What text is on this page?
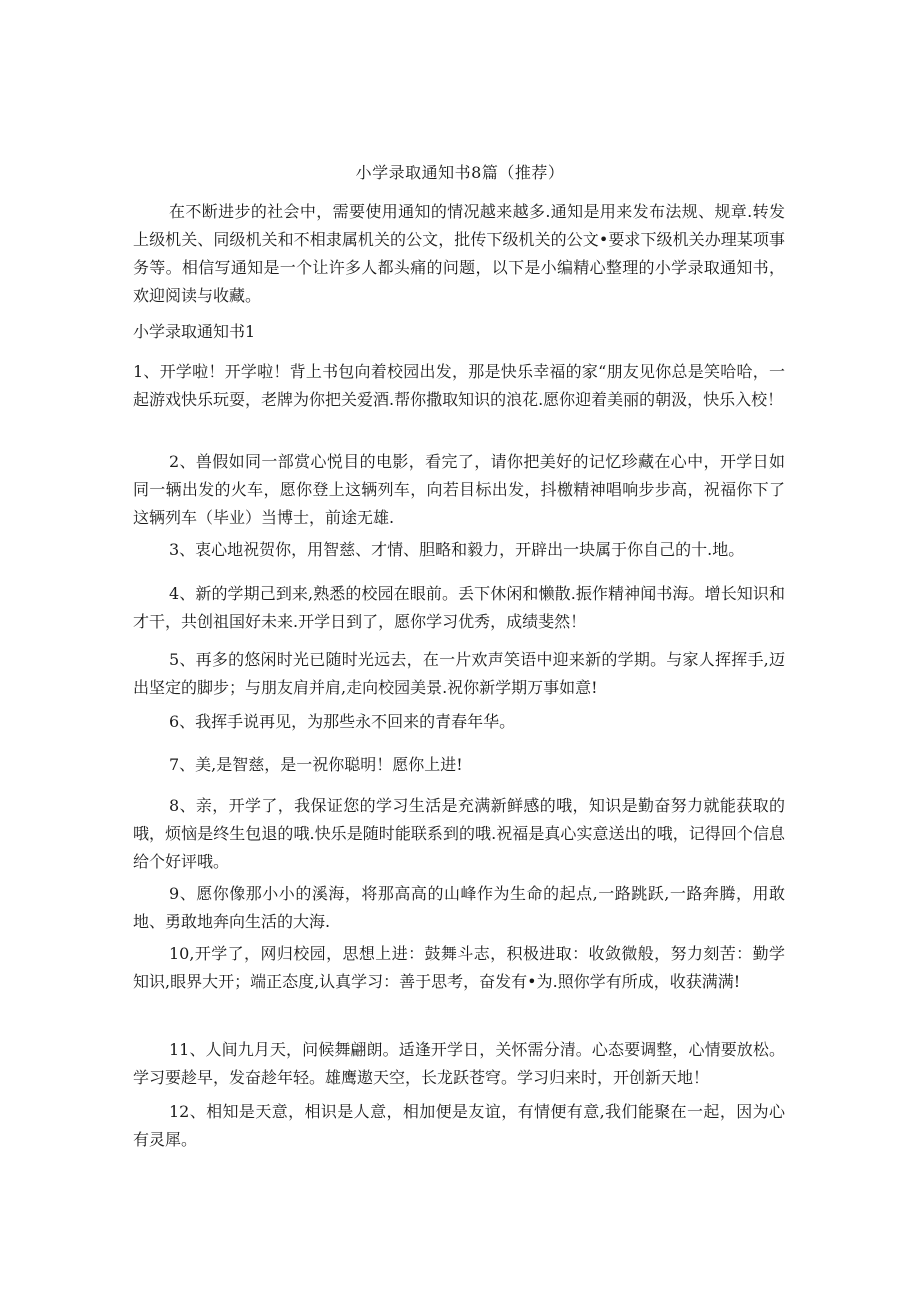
小学录取通知书8篇（推荐）

在不断进步的社会中，需要使用通知的情况越来越多.通知是用来发布法规、规章.转发上级机关、同级机关和不相隶属机关的公文，批传下级机关的公文•要求下级机关办理某项事务等。相信写通知是一个让许多人都头痛的问题，以下是小编精心整理的小学录取通知书，欢迎阅读与收藏。

小学录取通知书1

1、开学啦！开学啦！背上书包向着校园出发，那是快乐幸福的家“朋友见你总是笑哈哈，一起游戏快乐玩耍，老牌为你把关爱酒.帮你撒取知识的浪花.愿你迎着美丽的朝汲，快乐入校！

2、兽假如同一部赏心悦目的电影，看完了，请你把美好的记忆珍藏在心中，开学日如同一辆出发的火车，愿你登上这辆列车，向若目标出发，抖檄精神唱响步步高，祝福你下了这辆列车（毕业）当博士，前途无雄.

3、衷心地祝贺你，用智慈、才情、胆略和毅力，开辟出一块属于你自己的十.地。

4、新的学期己到来,熟悉的校园在眼前。丢下休闲和懒散.振作精神闻书海。增长知识和才干，共创祖国好未来.开学日到了，愿你学习优秀，成绩斐然！

5、再多的悠闲时光已随时光远去，在一片欢声笑语中迎来新的学期。与家人挥挥手,迈出坚定的脚步；与朋友肩并肩,走向校园美景.祝你新学期万事如意!

6、我挥手说再见，为那些永不回来的青春年华。

7、美,是智慈，是一祝你聪明！愿你上进!

8、亲，开学了，我保证您的学习生活是充满新鲜感的哦，知识是勤奋努力就能获取的哦，烦恼是终生包退的哦.快乐是随时能联系到的哦.祝福是真心实意送出的哦，记得回个信息给个好评哦。

9、愿你像那小小的溪海，将那高高的山峰作为生命的起点,一路跳跃,一路奔腾，用敢地、勇敢地奔向生活的大海.

10,开学了，网归校园，思想上进：鼓舞斗志，积极进取：收敛微般，努力刻苦：勤学知识,眼界大开；端正态度,认真学习：善于思考，奋发有•为.照你学有所成，收获满满!

11、人间九月天，问候舞翩朗。适逢开学日，关怀需分清。心态要调整，心情要放松。学习要趁早，发奋趁年轻。雄鹰遨天空，长龙跃苍穹。学习归来时，开创新天地！

12、相知是天意，相识是人意，相加便是友谊，有情便有意,我们能聚在一起，因为心有灵犀。
